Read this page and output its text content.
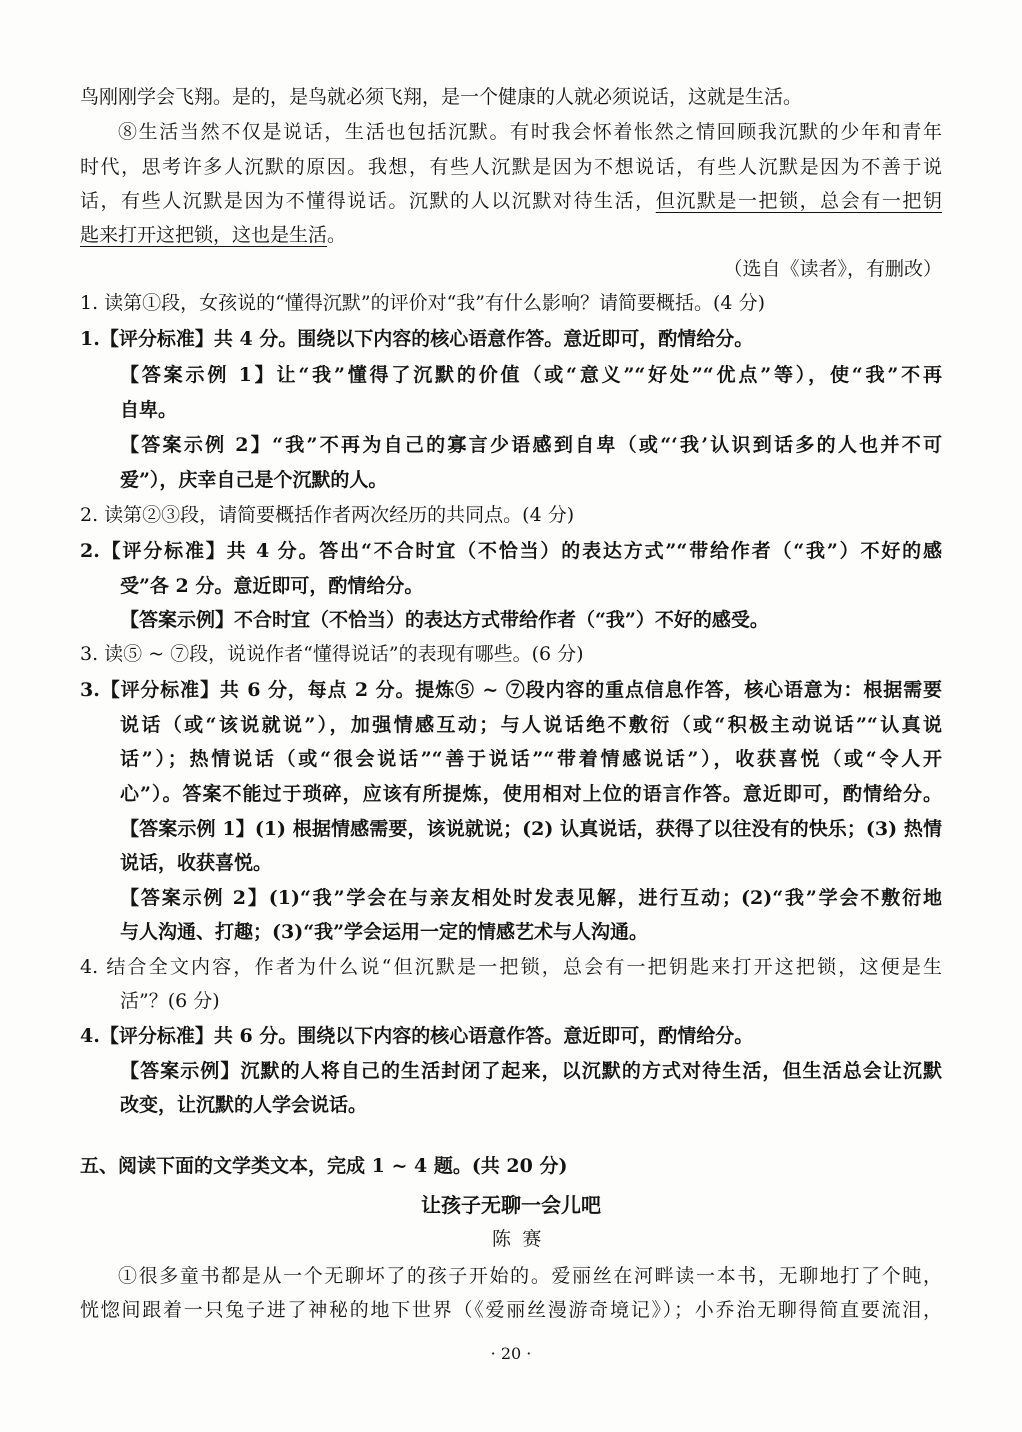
鸟刚刚学会飞翔。是的，是鸟就必须飞翔，是一个健康的人就必须说话，这就是生活。
⑧生活当然不仅是说话，生活也包括沉默。有时我会怀着怅然之情回顾我沉默的少年和青年
时代，思考许多人沉默的原因。我想，有些人沉默是因为不想说话，有些人沉默是因为不善于说
话，有些人沉默是因为不懂得说话。沉默的人以沉默对待生活，但沉默是一把锁，总会有一把钥
匙来打开这把锁，这也是生活。
（选自《读者》，有删改）
1. 读第①段，女孩说的“懂得沉默”的评价对“我”有什么影响？请简要概括。(4 分)
1.【评分标准】共 4 分。围绕以下内容的核心语意作答。意近即可，酌情给分。
【答案示例 1】让“我”懂得了沉默的价值（或“意义”“好处”“优点”等），使“我”不再
自卑。
【答案示例 2】“我”不再为自己的寡言少语感到自卑（或“‘我’认识到话多的人也并不可
爱”），庆幸自己是个沉默的人。
2. 读第②③段，请简要概括作者两次经历的共同点。(4 分)
2.【评分标准】共 4 分。答出“不合时宜（不恰当）的表达方式”“带给作者（“我”）不好的感
受”各 2 分。意近即可，酌情给分。
【答案示例】不合时宜（不恰当）的表达方式带给作者（“我”）不好的感受。
3. 读⑤ ~ ⑦段，说说作者“懂得说话”的表现有哪些。(6 分)
3.【评分标准】共 6 分，每点 2 分。提炼⑤ ~ ⑦段内容的重点信息作答，核心语意为：根据需要
说话（或“该说就说”），加强情感互动；与人说话绝不敷衍（或“积极主动说话”“认真说
话”）；热情说话（或“很会说话”“善于说话”“带着情感说话”），收获喜悦（或“令人开
心”）。答案不能过于琐碎，应该有所提炼，使用相对上位的语言作答。意近即可，酌情给分。
【答案示例 1】(1) 根据情感需要，该说就说；(2) 认真说话，获得了以往没有的快乐；(3) 热情
说话，收获喜悦。
【答案示例 2】(1)“我”学会在与亲友相处时发表见解，进行互动；(2)“我”学会不敷衍地
与人沟通、打趣；(3)“我”学会运用一定的情感艺术与人沟通。
4. 结合全文内容，作者为什么说“但沉默是一把锁，总会有一把钥匙来打开这把锁，这便是生
活”？(6 分)
4.【评分标准】共 6 分。围绕以下内容的核心语意作答。意近即可，酌情给分。
【答案示例】沉默的人将自己的生活封闭了起来，以沉默的方式对待生活，但生活总会让沉默
改变，让沉默的人学会说话。
五、阅读下面的文学类文本，完成 1 ~ 4 题。(共 20 分)
让孩子无聊一会儿吧
陈赛
①很多童书都是从一个无聊坏了的孩子开始的。爱丽丝在河畔读一本书，无聊地打了个盹，
恍惚间跟着一只兔子进了神秘的地下世界（《爱丽丝漫游奇境记》）；小乔治无聊得简直要流泪，
· 20 ·
